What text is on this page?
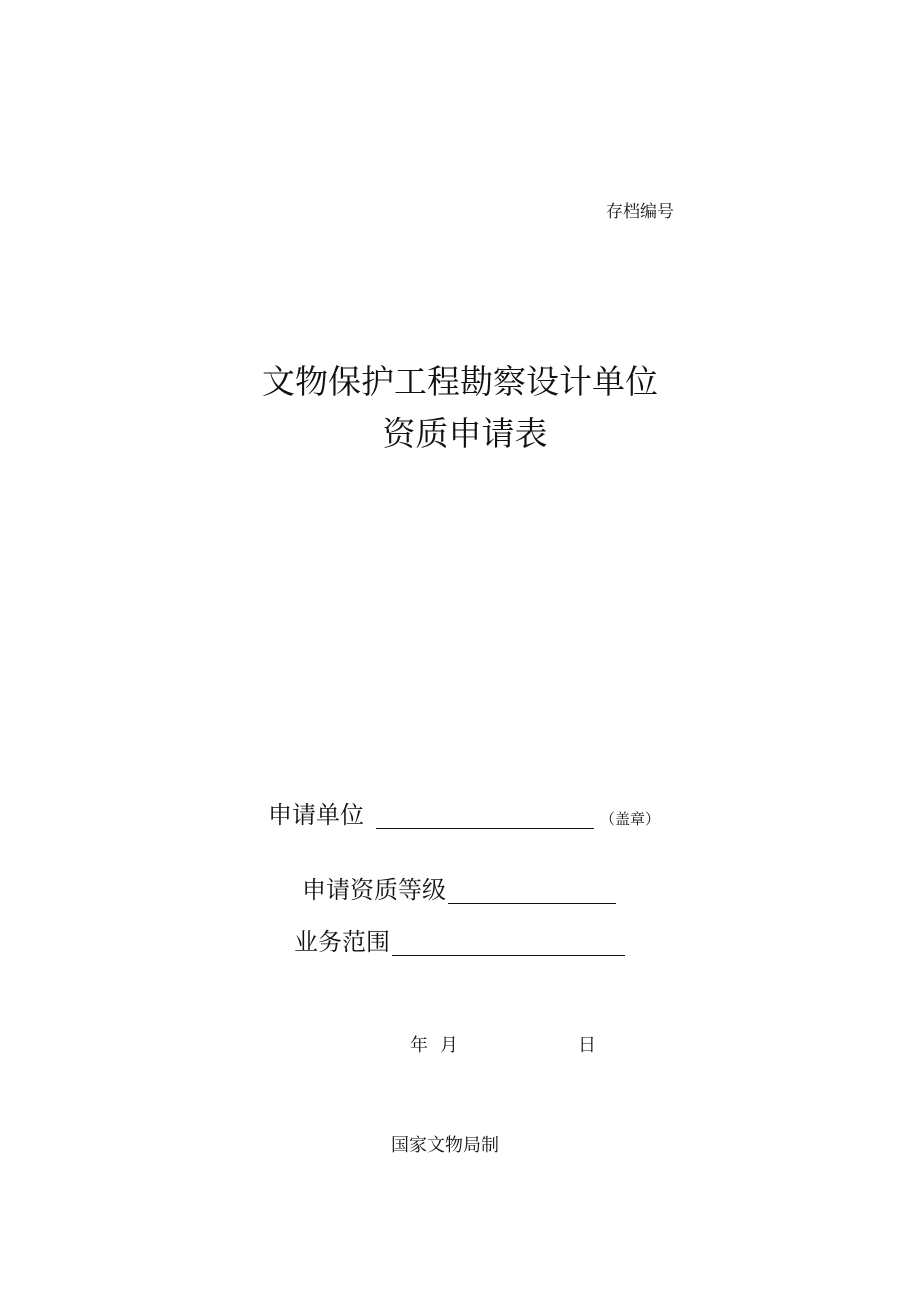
存档编号
文物保护工程勘察设计单位
资质申请表
申请单位	（盖章）
申请资质等级
业务范围
年 月	日
国家文物局制
